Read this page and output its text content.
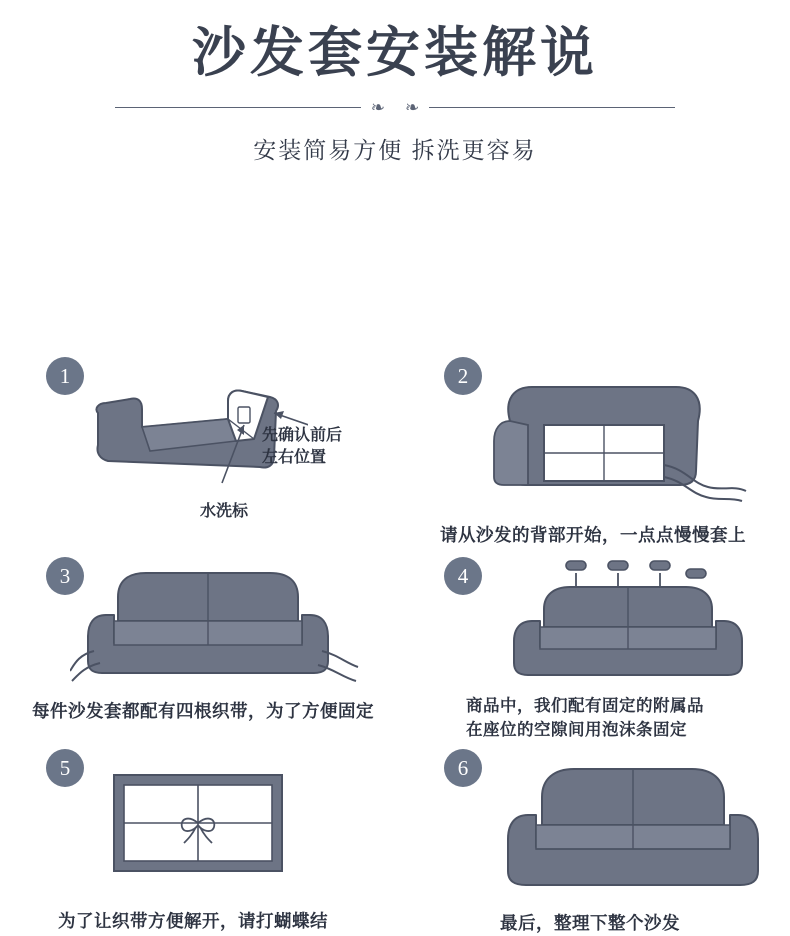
沙发套安装解说
❧	❧
安装简易方便 拆洗更容易
1
先确认前后
左右位置
水洗标
2
请从沙发的背部开始，一点点慢慢套上
3
每件沙发套都配有四根织带，为了方便固定
4
商品中，我们配有固定的附属品
在座位的空隙间用泡沫条固定
5
为了让织带方便解开，请打蝴蝶结
6
最后，整理下整个沙发
